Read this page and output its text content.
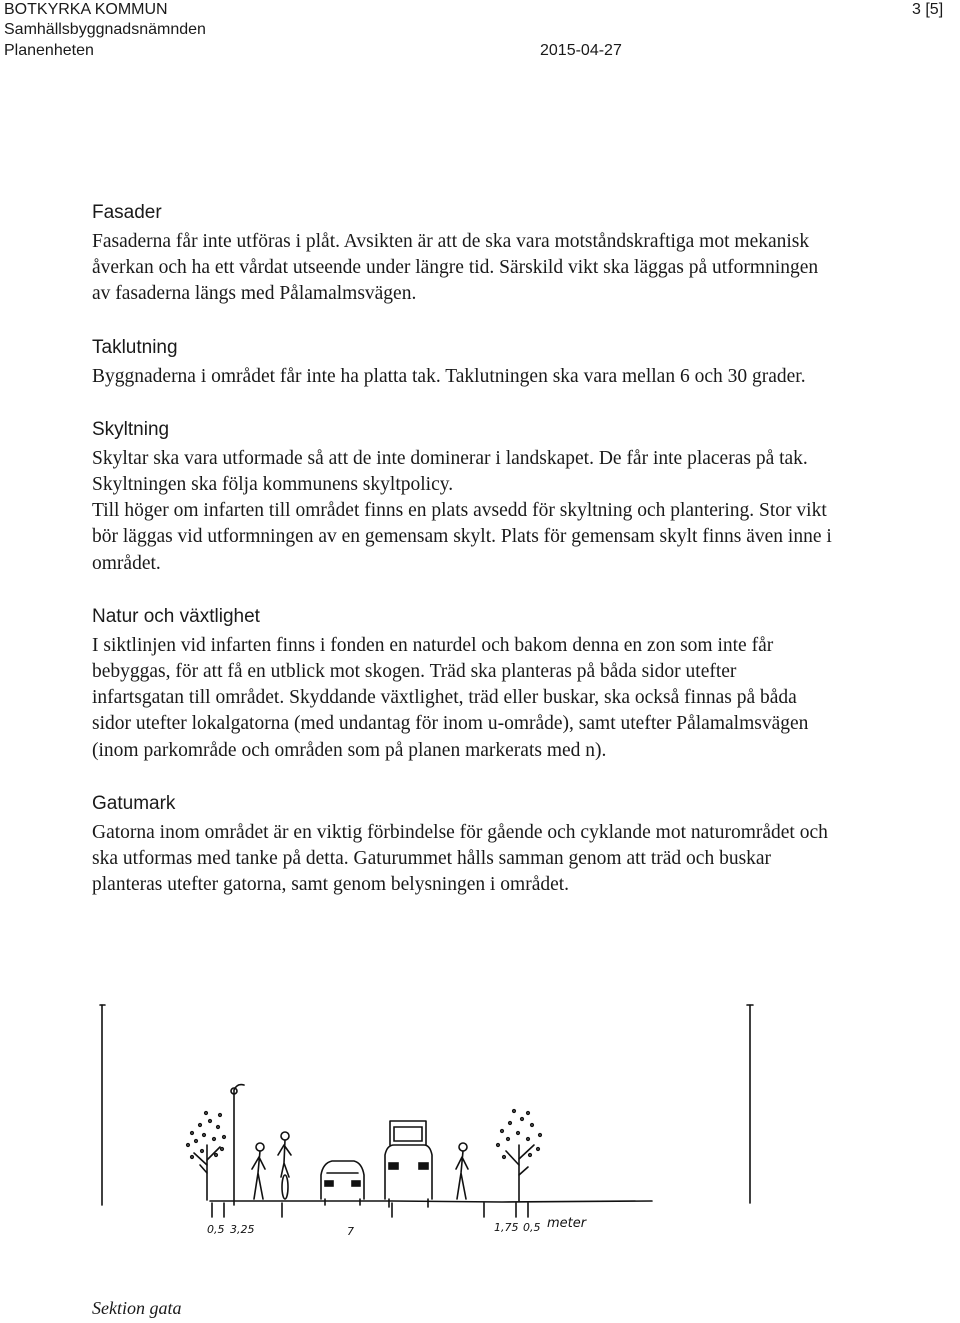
BOTKYRKA KOMMUN
Samhällsbyggnadsnämnden
Planenheten	2015-04-27
3 [5]
Fasader

Fasaderna får inte utföras i plåt. Avsikten är att de ska vara motståndskraftiga mot mekanisk åverkan och ha ett vårdat utseende under längre tid. Särskild vikt ska läggas på utformningen av fasaderna längs med Pålamalmsvägen.

Taklutning

Byggnaderna i området får inte ha platta tak. Taklutningen ska vara mellan 6 och 30 grader.

Skyltning

Skyltar ska vara utformade så att de inte dominerar i landskapet. De får inte placeras på tak. Skyltningen ska följa kommunens skyltpolicy.

Till höger om infarten till området finns en plats avsedd för skyltning och plantering. Stor vikt bör läggas vid utformningen av en gemensam skylt. Plats för gemensam skylt finns även inne i området.

Natur och växtlighet

I siktlinjen vid infarten finns i fonden en naturdel och bakom denna en zon som inte får bebyggas, för att få en utblick mot skogen. Träd ska planteras på båda sidor utefter infartsgatan till området. Skyddande växtlighet, träd eller buskar, ska också finnas på båda sidor utefter lokalgatorna (med undantag för inom u-område), samt utefter Pålamalmsvägen (inom parkområde och områden som på planen markerats med n).

Gatumark

Gatorna inom området är en viktig förbindelse för gående och cyklande mot naturområdet och ska utformas med tanke på detta. Gaturummet hålls samman genom att träd och buskar planteras utefter gatorna, samt genom belysningen i området.

0,5 3,25	7	1,75 0,5 meter
Sektion gata
